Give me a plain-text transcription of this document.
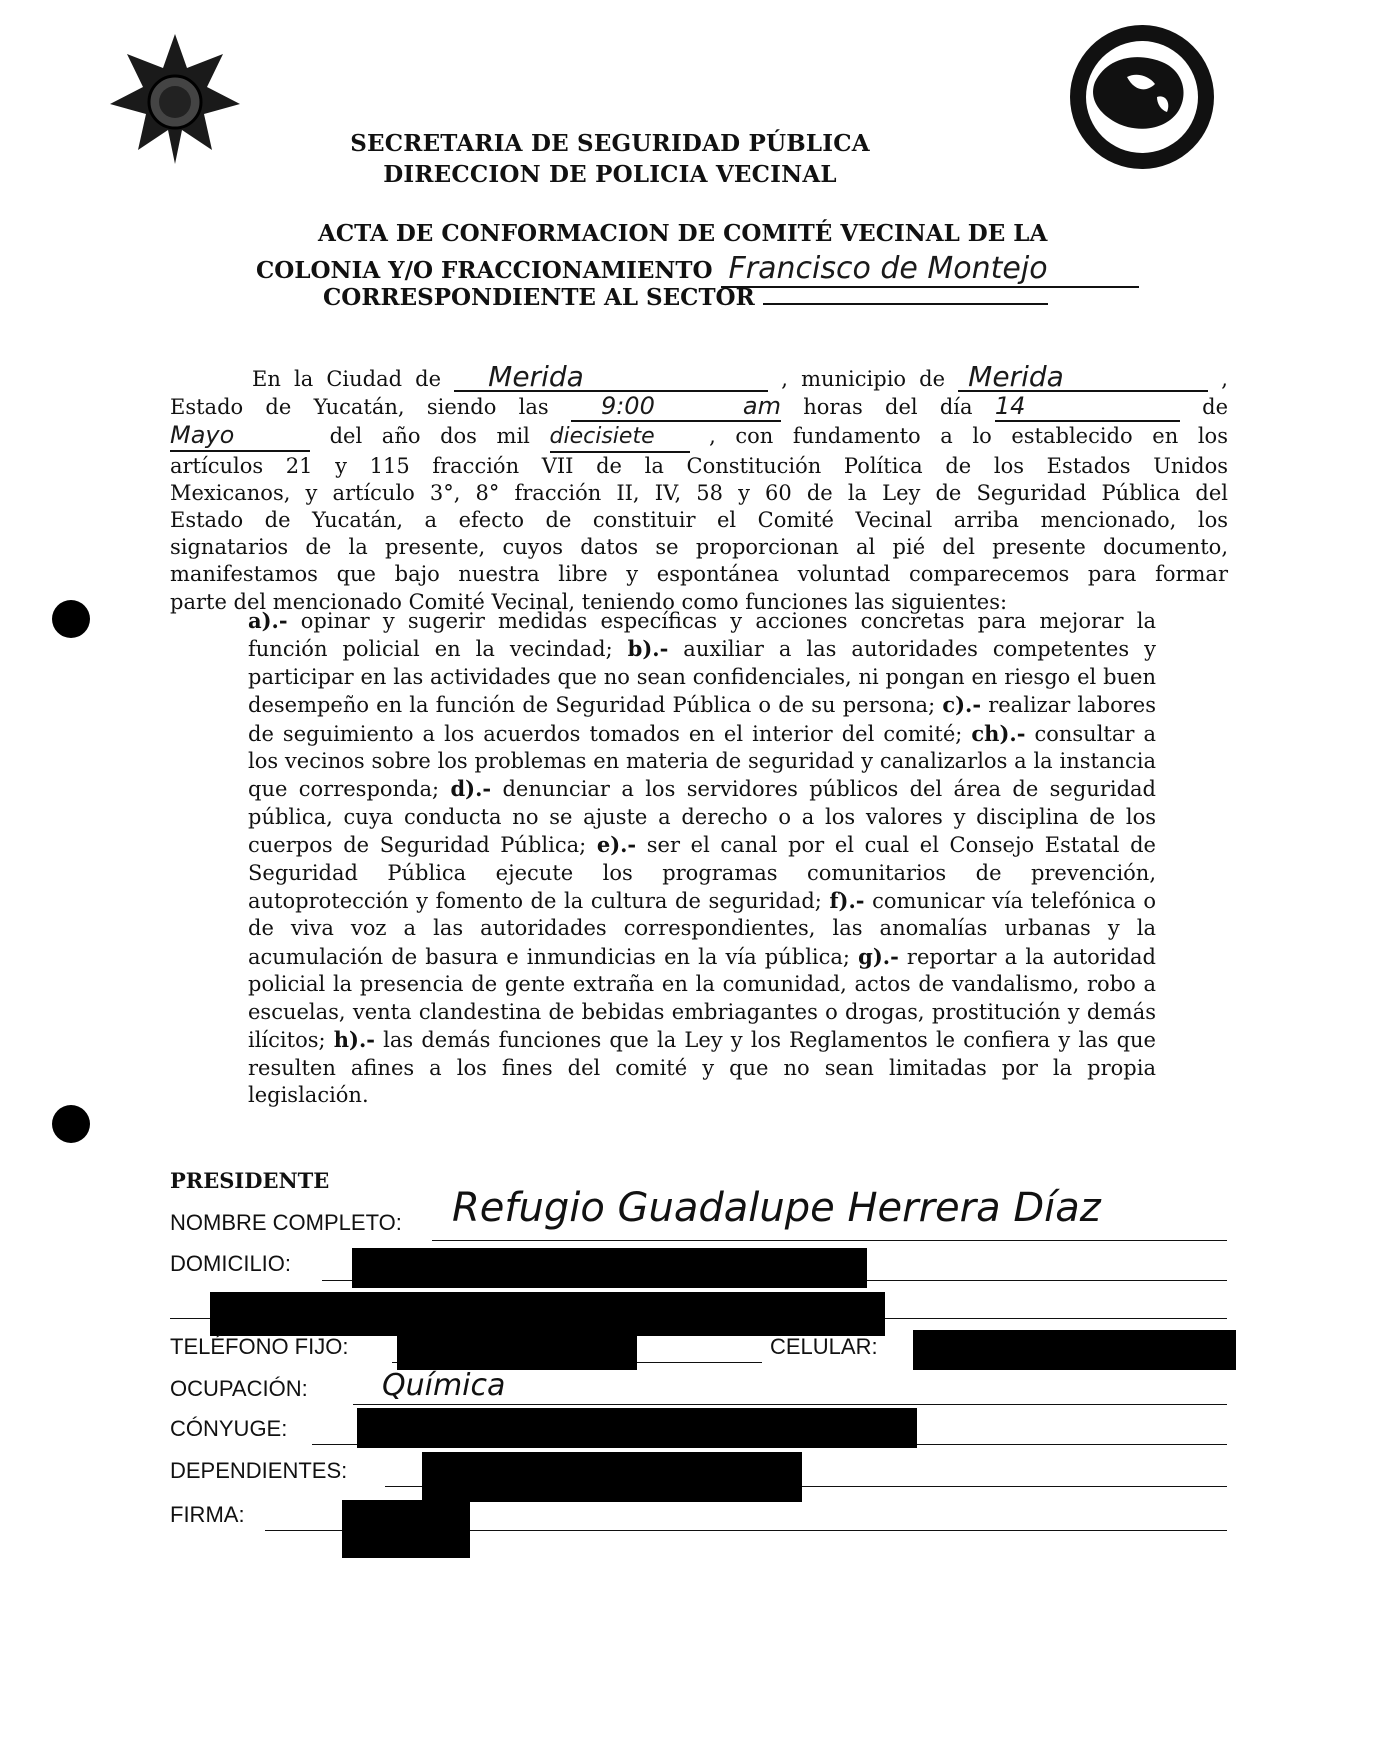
SECRETARIA DE SEGURIDAD PÚBLICA
DIRECCION DE POLICIA VECINAL
ACTA DE CONFORMACION DE COMITÉ VECINAL DE LA
COLONIA Y/O FRACCIONAMIENTO Francisco de Montejo
CORRESPONDIENTE AL SECTOR
En la Ciudad de Merida	, municipio de Merida	,
Estado de Yucatán, siendo las 9:00 am horas del día 14	de
Mayo	del año dos mil diecisiete	, con fundamento a lo establecido en los
artículos 21 y 115 fracción VII de la Constitución Política de los Estados Unidos
Mexicanos, y artículo 3°, 8° fracción II, IV, 58 y 60 de la Ley de Seguridad Pública del
Estado de Yucatán, a efecto de constituir el Comité Vecinal arriba mencionado, los
signatarios de la presente, cuyos datos se proporcionan al pié del presente documento,
manifestamos que bajo nuestra libre y espontánea voluntad comparecemos para formar
parte del mencionado Comité Vecinal, teniendo como funciones las siguientes:
a).- opinar y sugerir medidas específicas y acciones concretas para mejorar la función policial en la vecindad; b).- auxiliar a las autoridades competentes y participar en las actividades que no sean confidenciales, ni pongan en riesgo el buen desempeño en la función de Seguridad Pública o de su persona; c).- realizar labores de seguimiento a los acuerdos tomados en el interior del comité; ch).- consultar a los vecinos sobre los problemas en materia de seguridad y canalizarlos a la instancia que corresponda; d).- denunciar a los servidores públicos del área de seguridad pública, cuya conducta no se ajuste a derecho o a los valores y disciplina de los cuerpos de Seguridad Pública; e).- ser el canal por el cual el Consejo Estatal de Seguridad Pública ejecute los programas comunitarios de prevención, autoprotección y fomento de la cultura de seguridad; f).- comunicar vía telefónica o de viva voz a las autoridades correspondientes, las anomalías urbanas y la acumulación de basura e inmundicias en la vía pública; g).- reportar a la autoridad policial la presencia de gente extraña en la comunidad, actos de vandalismo, robo a escuelas, venta clandestina de bebidas embriagantes o drogas, prostitución y demás ilícitos; h).- las demás funciones que la Ley y los Reglamentos le confiera y las que resulten afines a los fines del comité y que no sean limitadas por la propia legislación.
PRESIDENTE
NOMBRE COMPLETO: Refugio Guadalupe Herrera Díaz
DOMICILIO:
TELÉFONO FIJO:	CELULAR:
OCUPACIÓN: Química
CÓNYUGE:
DEPENDIENTES:
FIRMA:
